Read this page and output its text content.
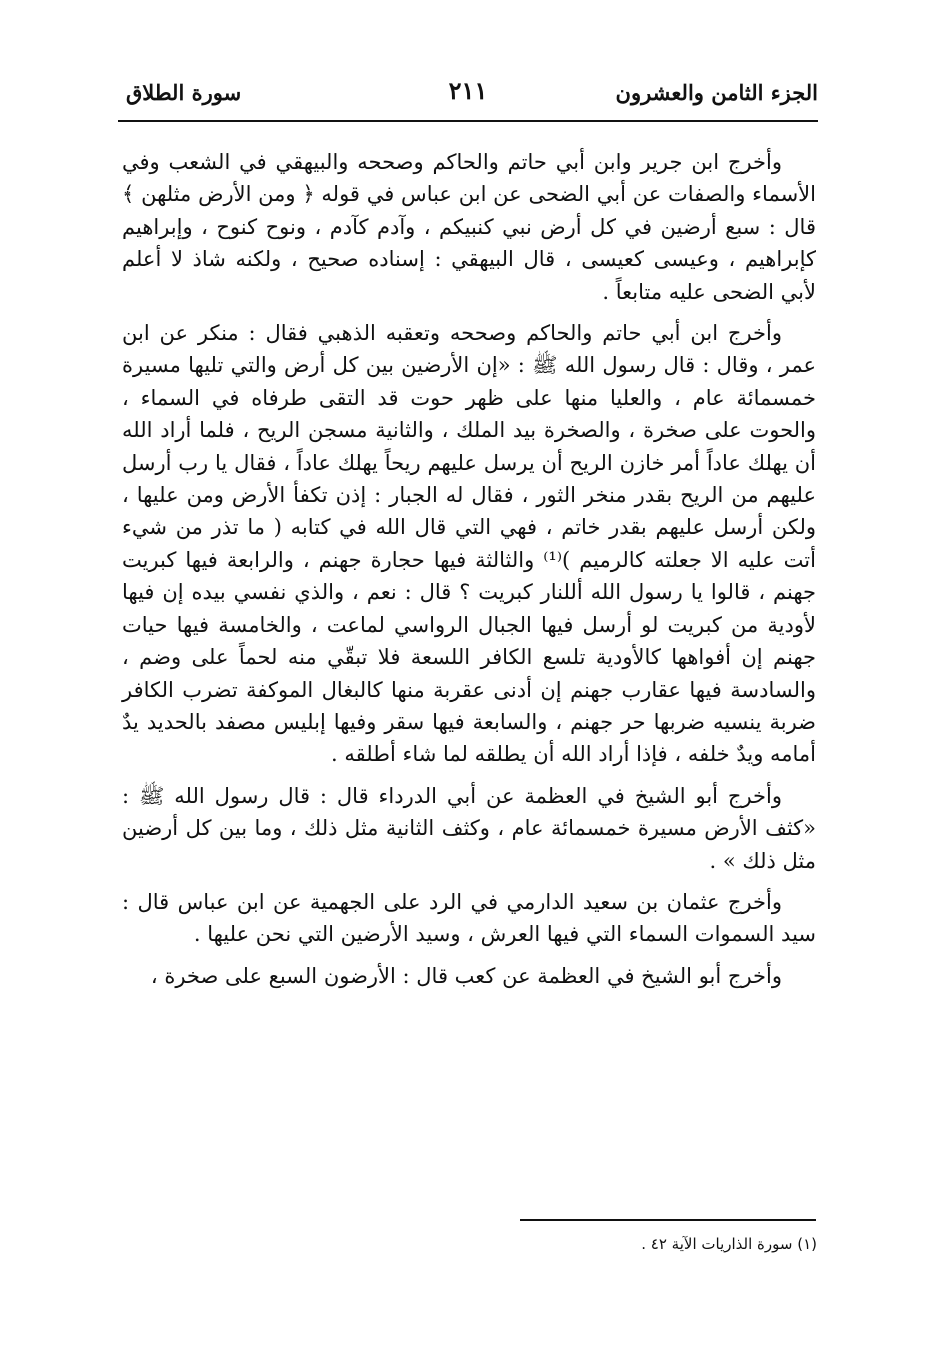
الجزء الثامن والعشرون
٢١١
سورة الطلاق

وأخرج ابن جرير وابن أبي حاتم والحاكم وصححه والبيهقي في الشعب وفي الأسماء والصفات عن أبي الضحى عن ابن عباس في قوله ﴿ ومن الأرض مثلهن ﴾ قال : سبع أرضين في كل أرض نبي كنبيكم ، وآدم كآدم ، ونوح كنوح ، وإبراهيم كإبراهيم ، وعيسى كعيسى ، قال البيهقي : إسناده صحيح ، ولكنه شاذ لا أعلم لأبي الضحى عليه متابعاً .

وأخرج ابن أبي حاتم والحاكم وصححه وتعقبه الذهبي فقال : منكر عن ابن عمر ، وقال : قال رسول الله ﷺ : «إن الأرضين بين كل أرض والتي تليها مسيرة خمسمائة عام ، والعليا منها على ظهر حوت قد التقى طرفاه في السماء ، والحوت على صخرة ، والصخرة بيد الملك ، والثانية مسجن الريح ، فلما أراد الله أن يهلك عاداً أمر خازن الريح أن يرسل عليهم ريحاً يهلك عاداً ، فقال يا رب أرسل عليهم من الريح بقدر منخر الثور ، فقال له الجبار : إذن تكفأ الأرض ومن عليها ، ولكن أرسل عليهم بقدر خاتم ، فهي التي قال الله في كتابه ( ما تذر من شيء أتت عليه الا جعلته كالرميم )⁽¹⁾ والثالثة فيها حجارة جهنم ، والرابعة فيها كبريت جهنم ، قالوا يا رسول الله أللنار كبريت ؟ قال : نعم ، والذي نفسي بيده إن فيها لأودية من كبريت لو أرسل فيها الجبال الرواسي لماعت ، والخامسة فيها حيات جهنم إن أفواهها كالأودية تلسع الكافر اللسعة فلا تبقّي منه لحماً على وضم ، والسادسة فيها عقارب جهنم إن أدنى عقربة منها كالبغال الموكفة تضرب الكافر ضربة ينسيه ضربها حر جهنم ، والسابعة فيها سقر وفيها إبليس مصفد بالحديد يدٌ أمامه ويدٌ خلفه ، فإذا أراد الله أن يطلقه لما شاء أطلقه .

وأخرج أبو الشيخ في العظمة عن أبي الدرداء قال : قال رسول الله ﷺ : «كثف الأرض مسيرة خمسمائة عام ، وكثف الثانية مثل ذلك ، وما بين كل أرضين مثل ذلك » .

وأخرج عثمان بن سعيد الدارمي في الرد على الجهمية عن ابن عباس قال : سيد السموات السماء التي فيها العرش ، وسيد الأرضين التي نحن عليها .

وأخرج أبو الشيخ في العظمة عن كعب قال : الأرضون السبع على صخرة ،

(١) سورة الذاريات الآية ٤٢ .
